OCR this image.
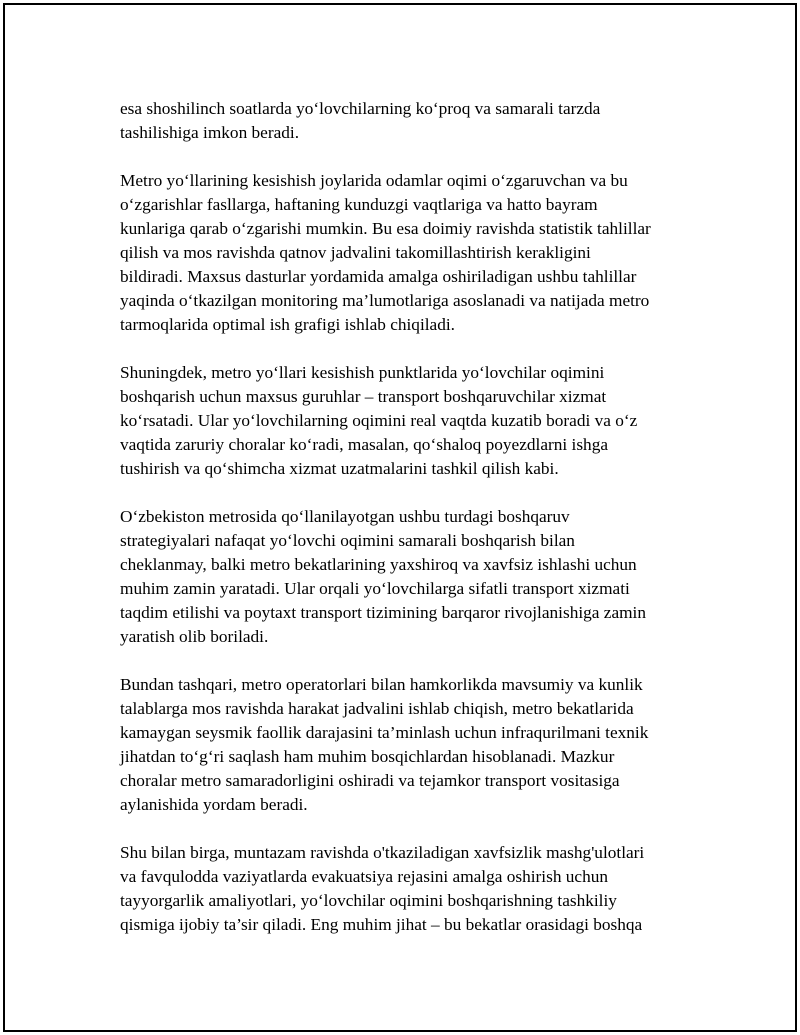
esa shoshilinch soatlarda yo‘lovchilarning ko‘proq va samarali tarzda
tashilishiga imkon beradi.

Metro yo‘llarining kesishish joylarida odamlar oqimi o‘zgaruvchan va bu
o‘zgarishlar fasllarga, haftaning kunduzgi vaqtlariga va hatto bayram
kunlariga qarab o‘zgarishi mumkin. Bu esa doimiy ravishda statistik tahlillar
qilish va mos ravishda qatnov jadvalini takomillashtirish kerakligini
bildiradi. Maxsus dasturlar yordamida amalga oshiriladigan ushbu tahlillar
yaqinda o‘tkazilgan monitoring ma’lumotlariga asoslanadi va natijada metro
tarmoqlarida optimal ish grafigi ishlab chiqiladi.

Shuningdek, metro yo‘llari kesishish punktlarida yo‘lovchilar oqimini
boshqarish uchun maxsus guruhlar – transport boshqaruvchilar xizmat
ko‘rsatadi. Ular yo‘lovchilarning oqimini real vaqtda kuzatib boradi va o‘z
vaqtida zaruriy choralar ko‘radi, masalan, qo‘shaloq poyezdlarni ishga
tushirish va qo‘shimcha xizmat uzatmalarini tashkil qilish kabi.

O‘zbekiston metrosida qo‘llanilayotgan ushbu turdagi boshqaruv
strategiyalari nafaqat yo‘lovchi oqimini samarali boshqarish bilan
cheklanmay, balki metro bekatlarining yaxshiroq va xavfsiz ishlashi uchun
muhim zamin yaratadi. Ular orqali yo‘lovchilarga sifatli transport xizmati
taqdim etilishi va poytaxt transport tizimining barqaror rivojlanishiga zamin
yaratish olib boriladi.

Bundan tashqari, metro operatorlari bilan hamkorlikda mavsumiy va kunlik
talablarga mos ravishda harakat jadvalini ishlab chiqish, metro bekatlarida
kamaygan seysmik faollik darajasini ta’minlash uchun infraqurilmani texnik
jihatdan to‘g‘ri saqlash ham muhim bosqichlardan hisoblanadi. Mazkur
choralar metro samaradorligini oshiradi va tejamkor transport vositasiga
aylanishida yordam beradi.

Shu bilan birga, muntazam ravishda o'tkaziladigan xavfsizlik mashg'ulotlari
va favqulodda vaziyatlarda evakuatsiya rejasini amalga oshirish uchun
tayyorgarlik amaliyotlari, yo‘lovchilar oqimini boshqarishning tashkiliy
qismiga ijobiy ta’sir qiladi. Eng muhim jihat – bu bekatlar orasidagi boshqa
